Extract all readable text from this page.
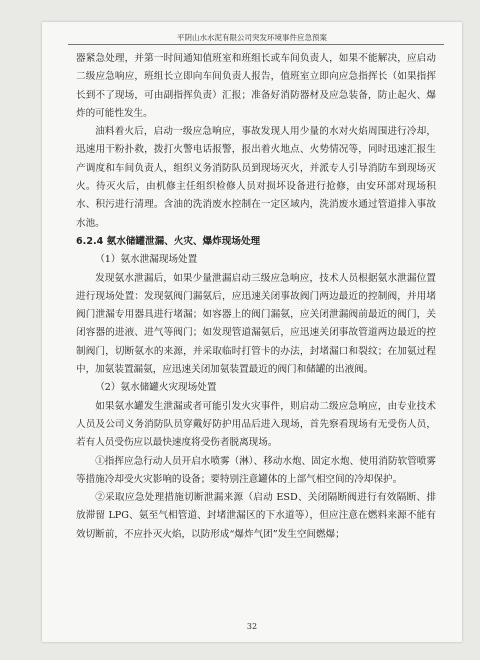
平阴山水水泥有限公司突发环境事件应急预案

器紧急处理，并第一时间通知值班室和班组长或车间负责人，如果不能解决，应启动二级应急响应，班组长立即向车间负责人报告，值班室立即向应急指挥长（如果指挥长到不了现场，可由副指挥负责）汇报；准备好消防器材及应急装备，防止起火、爆炸的可能性发生。

油料着火后，启动一级应急响应，事故发现人用少量的水对火焰周围进行冷却，迅速用干粉扑救，拨打火警电话报警，报出着火地点、火势情况等，同时迅速汇报生产调度和车间负责人，组织义务消防队员到现场灭火，并派专人引导消防车到现场灭火。待灭火后，由机修主任组织检修人员对损坏设备进行抢修，由安环部对现场积水、积污进行清理。含油的洗消废水控制在一定区域内，洗消废水通过管道排入事故水池。

6.2.4 氨水储罐泄漏、火灾、爆炸现场处理

（1）氨水泄漏现场处置

发现氨水泄漏后，如果少量泄漏启动三级应急响应，技术人员根据氨水泄漏位置进行现场处置：发现氨阀门漏氨后，应迅速关闭事故阀门两边最近的控制阀，并用堵阀门泄漏专用器具进行堵漏；如容器上的阀门漏氨，应关闭泄漏阀前最近的阀门，关闭容器的进液、进气等阀门；如发现管道漏氨后，应迅速关闭事故管道两边最近的控制阀门，切断氨水的来源，并采取临时打管卡的办法，封堵漏口和裂纹；在加氨过程中，加氨装置漏氨，应迅速关闭加氨装置最近的阀门和储罐的出液阀。

（2）氨水储罐火灾现场处置

如果氨水罐发生泄漏或者可能引发火灾事件，则启动二级应急响应，由专业技术人员及公司义务消防队员穿戴好防护用品后进入现场，首先察看现场有无受伤人员，若有人员受伤应以最快速度将受伤者脱离现场。

①指挥应急行动人员开启水喷雾（淋）、移动水炮、固定水炮、使用消防软管喷雾等措施冷却受火灾影响的设备；要特别注意罐体的上部气相空间的冷却保护。

②采取应急处理措施切断泄漏来源（启动 ESD、关闭隔断阀进行有效隔断、排放滞留 LPG、氨至气相管道、封堵泄漏区的下水道等），但应注意在燃料来源不能有效切断前，不应扑灭火焰，以防形成“爆炸气团”发生空间燃爆；

32
